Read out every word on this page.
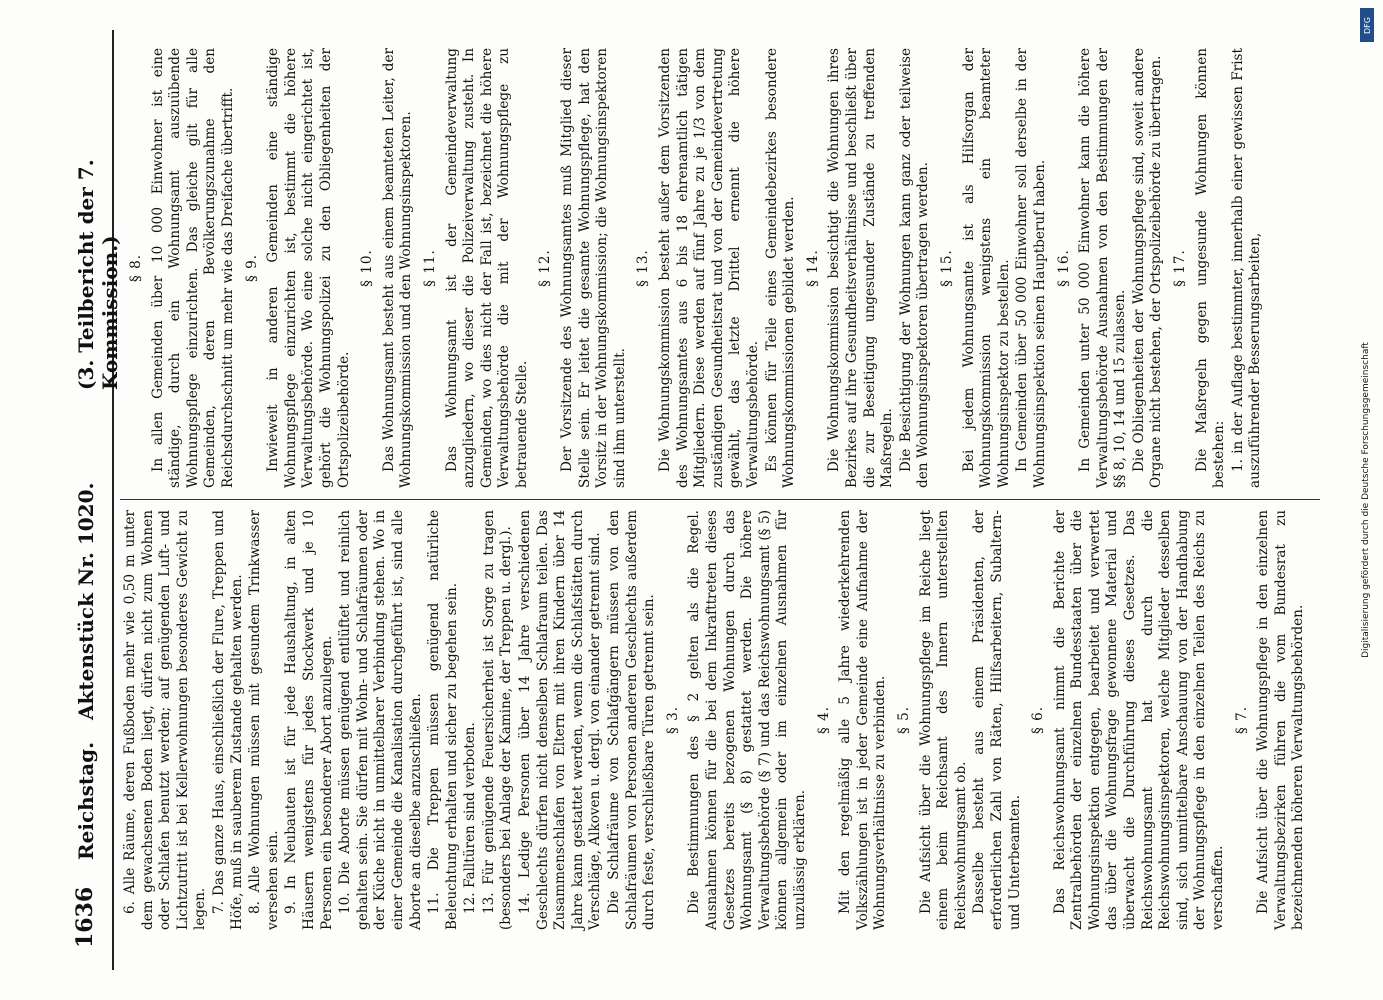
1636
Reichstag.
Aktenstück Nr. 1020.
(3. Teilbericht der 7. Kommission.)

6. Alle Räume, deren Fußboden mehr wie 0,50 m unter dem gewachsenen Boden liegt, dürfen nicht zum Wohnen oder Schlafen benutzt werden; auf genügenden Luft- und Lichtzutritt ist bei Kellerwohnungen besonderes Gewicht zu legen. 7. Das ganze Haus, einschließlich der Flure, Treppen und Höfe, muß in sauberem Zustande gehalten werden. 8. Alle Wohnungen müssen mit gesundem Trinkwasser versehen sein. 9. In Neubauten ist für jede Haushaltung, in alten Häusern wenigstens für jedes Stockwerk und je 10 Personen ein besonderer Abort anzulegen. 10. Die Aborte müssen genügend entlüftet und reinlich gehalten sein. Sie dürfen mit Wohn- und Schlafräumen oder der Küche nicht in unmittelbarer Verbindung stehen. Wo in einer Gemeinde die Kanalisation durchgeführt ist, sind alle Aborte an dieselbe anzuschließen. 11. Die Treppen müssen genügend natürliche Beleuchtung erhalten und sicher zu begehen sein. 12. Falltüren sind verboten. 13. Für genügende Feuersicherheit ist Sorge zu tragen (besonders bei Anlage der Kamine, der Treppen u. dergl.). 14. Ledige Personen über 14 Jahre verschiedenen Geschlechts dürfen nicht denselben Schlafraum teilen. Das Zusammenschlafen von Eltern mit ihren Kindern über 14 Jahre kann gestattet werden, wenn die Schlafstätten durch Verschläge, Alkoven u. dergl. von einander getrennt sind. Die Schlafräume von Schlafgängern müssen von den Schlafräumen von Personen anderen Geschlechts außerdem durch feste, verschließbare Türen getrennt sein. § 3. Die Bestimmungen des § 2 gelten als die Regel. Ausnahmen können für die bei dem Inkrafttreten dieses Gesetzes bereits bezogenen Wohnungen durch das Wohnungsamt (§ 8) gestattet werden. Die höhere Verwaltungsbehörde (§ 7) und das Reichswohnungsamt (§ 5) können allgemein oder im einzelnen Ausnahmen für unzulässig erklären.

§ 4. Mit den regelmäßig alle 5 Jahre wiederkehrenden Volkszählungen ist in jeder Gemeinde eine Aufnahme der Wohnungsverhältnisse zu verbinden. § 5. Die Aufsicht über die Wohnungspflege im Reiche liegt einem beim Reichsamt des Innern unterstellten Reichswohnungsamt ob. Dasselbe besteht aus einem Präsidenten, der erforderlichen Zahl von Räten, Hilfsarbeitern, Subaltern- und Unterbeamten.

§ 6. Das Reichswohnungsamt nimmt die Berichte der Zentralbehörden der einzelnen Bundesstaaten über die Wohnungsinspektion entgegen, bearbeitet und verwertet das über die Wohnungsfrage gewonnene Material und überwacht die Durchführung dieses Gesetzes. Das Reichswohnungsamt hat durch die Reichswohnungsinspektoren, welche Mitglieder desselben sind, sich unmittelbare Anschauung von der Handhabung der Wohnungspflege in den einzelnen Teilen des Reichs zu verschaffen.

§ 7. Die Aufsicht über die Wohnungspflege in den einzelnen Verwaltungsbezirken führen die vom Bundesrat zu bezeichnenden höheren Verwaltungsbehörden.

§ 8. In allen Gemeinden über 10 000 Einwohner ist eine ständige, durch ein Wohnungsamt auszuübende Wohnungspflege einzurichten. Das gleiche gilt für alle Gemeinden, deren Bevölkerungszunahme den Reichsdurchschnitt um mehr wie das Dreifache übertrifft. § 9. Inwieweit in anderen Gemeinden eine ständige Wohnungspflege einzurichten ist, bestimmt die höhere Verwaltungsbehörde. Wo eine solche nicht eingerichtet ist, gehört die Wohnungspolizei zu den Obliegenheiten der Ortspolizeibehörde.

§ 10. Das Wohnungsamt besteht aus einem beamteten Leiter, der Wohnungskommission und den Wohnungsinspektoren. § 11. Das Wohnungsamt ist der Gemeindeverwaltung anzugliedern, wo dieser die Polizeiverwaltung zusteht. In Gemeinden, wo dies nicht der Fall ist, bezeichnet die höhere Verwaltungsbehörde die mit der Wohnungspflege zu betrauende Stelle.

§ 12. Der Vorsitzende des Wohnungsamtes muß Mitglied dieser Stelle sein. Er leitet die gesamte Wohnungspflege, hat den Vorsitz in der Wohnungskommission; die Wohnungsinspektoren sind ihm unterstellt.

§ 13. Die Wohnungskommission besteht außer dem Vorsitzenden des Wohnungsamtes aus 6 bis 18 ehrenamtlich tätigen Mitgliedern. Diese werden auf fünf Jahre zu je 1/3 von dem zuständigen Gesundheitsrat und von der Gemeindevertretung gewählt, das letzte Drittel ernennt die höhere Verwaltungsbehörde. Es können für Teile eines Gemeindebezirkes besondere Wohnungskommissionen gebildet werden. § 14. Die Wohnungskommission besichtigt die Wohnungen ihres Bezirkes auf ihre Gesundheitsverhältnisse und beschließt über die zur Beseitigung ungesunder Zustände zu treffenden Maßregeln. Die Besichtigung der Wohnungen kann ganz oder teilweise den Wohnungsinspektoren übertragen werden. § 15. Bei jedem Wohnungsamte ist als Hilfsorgan der Wohnungskommission wenigstens ein beamteter Wohnungsinspektor zu bestellen. In Gemeinden über 50 000 Einwohner soll derselbe in der Wohnungsinspektion seinen Hauptberuf haben. § 16. In Gemeinden unter 50 000 Einwohner kann die höhere Verwaltungsbehörde Ausnahmen von den Bestimmungen der §§ 8, 10, 14 und 15 zulassen. Die Obliegenheiten der Wohnungspflege sind, soweit andere Organe nicht bestehen, der Ortspolizeibehörde zu übertragen. § 17. Die Maßregeln gegen ungesunde Wohnungen können bestehen: 1. in der Auflage bestimmter, innerhalb einer gewissen Frist auszuführender Besserungsarbeiten,	Digitalisierung gefördert durch die Deutsche Forschungsgemeinschaft
DFG
